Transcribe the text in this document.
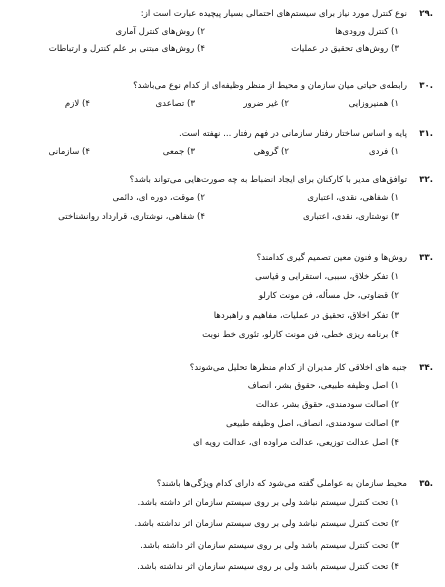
۲۹.
نوع کنترل مورد نیاز برای سیستم‌های احتمالی بسیار پیچیده عبارت است از:
۱) کنترل ورودی‌ها
۲) روش‌های کنترل آماری
۳) روش‌های تحقیق در عملیات
۴) روش‌های مبتنی بر علم کنترل و ارتباطات
۳۰.
رابطه‌ی حیاتی میان سازمان و محیط از منظر وظیفه‌ای از کدام نوع می‌باشد؟
۱) همنیروزایی
۲) غیر ضرور
۳) تصاعدی
۴) لازم
۳۱.
پایه و اساس ساختار رفتار سازمانی در فهم رفتار ... نهفته است.
۱) فردی
۲) گروهی
۳) جمعی
۴) سازمانی
۳۲.
توافق‌های مدیر با کارکنان برای ایجاد انضباط به چه صورت‌هایی می‌تواند باشد؟
۱) شفاهی، نقدی، اعتباری
۲) موقت، دوره ای، دائمی
۳) نوشتاری، نقدی، اعتباری
۴) شفاهی، نوشتاری، قرارداد روانشناختی
۳۳.
روش‌ها و فنون معین تصمیم گیری کدامند؟
۱) تفکر خلاق، سببی، استقرایی و قیاسی
۲) قضاوتی، حل مسأله، فن مونت کارلو
۳) تفکر اخلاق، تحقیق در عملیات، مفاهیم و راهبردها
۴) برنامه ریزی خطی، فن مونت کارلو، تئوری خط نوبت
۳۴.
جنبه های اخلاقی کار مدیران از کدام منظرها تحلیل می‌شوند؟
۱) اصل وظیفه طبیعی، حقوق بشر، انصاف
۲) اصالت سودمندی، حقوق بشر، عدالت
۳) اصالت سودمندی، انصاف، اصل وظیفه طبیعی
۴) اصل عدالت توزیعی، عدالت مراوده ای، عدالت رویه ای
۳۵.
محیط سازمان به عواملی گفته می‌شود که دارای کدام ویژگی‌ها باشند؟
۱) تحت کنترل سیستم نباشد ولی بر روی سیستم سازمان اثر داشته باشد.
۲) تحت کنترل سیستم نباشد ولی بر روی سیستم سازمان اثر نداشته باشد.
۳) تحت کنترل سیستم باشد ولی بر روی سیستم سازمان اثر داشته باشد.
۴) تحت کنترل سیستم باشد ولی بر روی سیستم سازمان اثر نداشته باشد.
